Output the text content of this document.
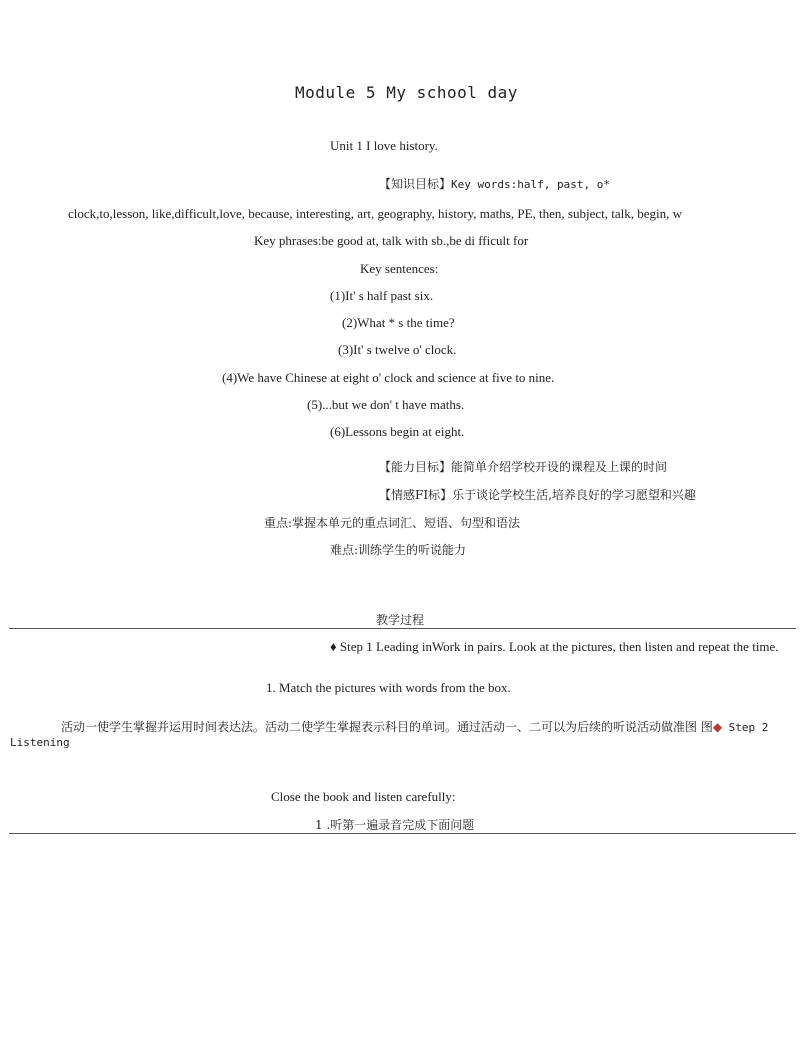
Module 5 My school day
Unit 1 I love history.
【知识目标】Key words:half, past, o*
clock,to,lesson, like,difficult,love, because, interesting, art, geography, history, maths, PE, then, subject, talk, begin, w
Key phrases:be good at, talk with sb.,be di fficult for
Key sentences:
(1)It' s half past six.
(2)What * s the time?
(3)It' s twelve o' clock.
(4)We have Chinese at eight o' clock and science at five to nine.
(5)...but we don' t have maths.
(6)Lessons begin at eight.
【能力目标】能简单介绍学校开设的课程及上课的时间
【情感FI标】乐于谈论学校生活,培养良好的学习愿望和兴趣
重点:掌握本单元的重点词汇、短语、句型和语法
难点:训练学生的听说能力
教学过程
♦ Step 1 Leading inWork in pairs. Look at the pictures, then listen and repeat the time.
1. Match the pictures with words from the box.
活动一使学生掌握并运用时间表达法。活动二使学生掌握表示科目的单词。通过活动一、二可以为后续的听说活动做准图 图◆ Step 2 Listening
Close the book and listen carefully:
1 .听第一遍录音完成下面问题
